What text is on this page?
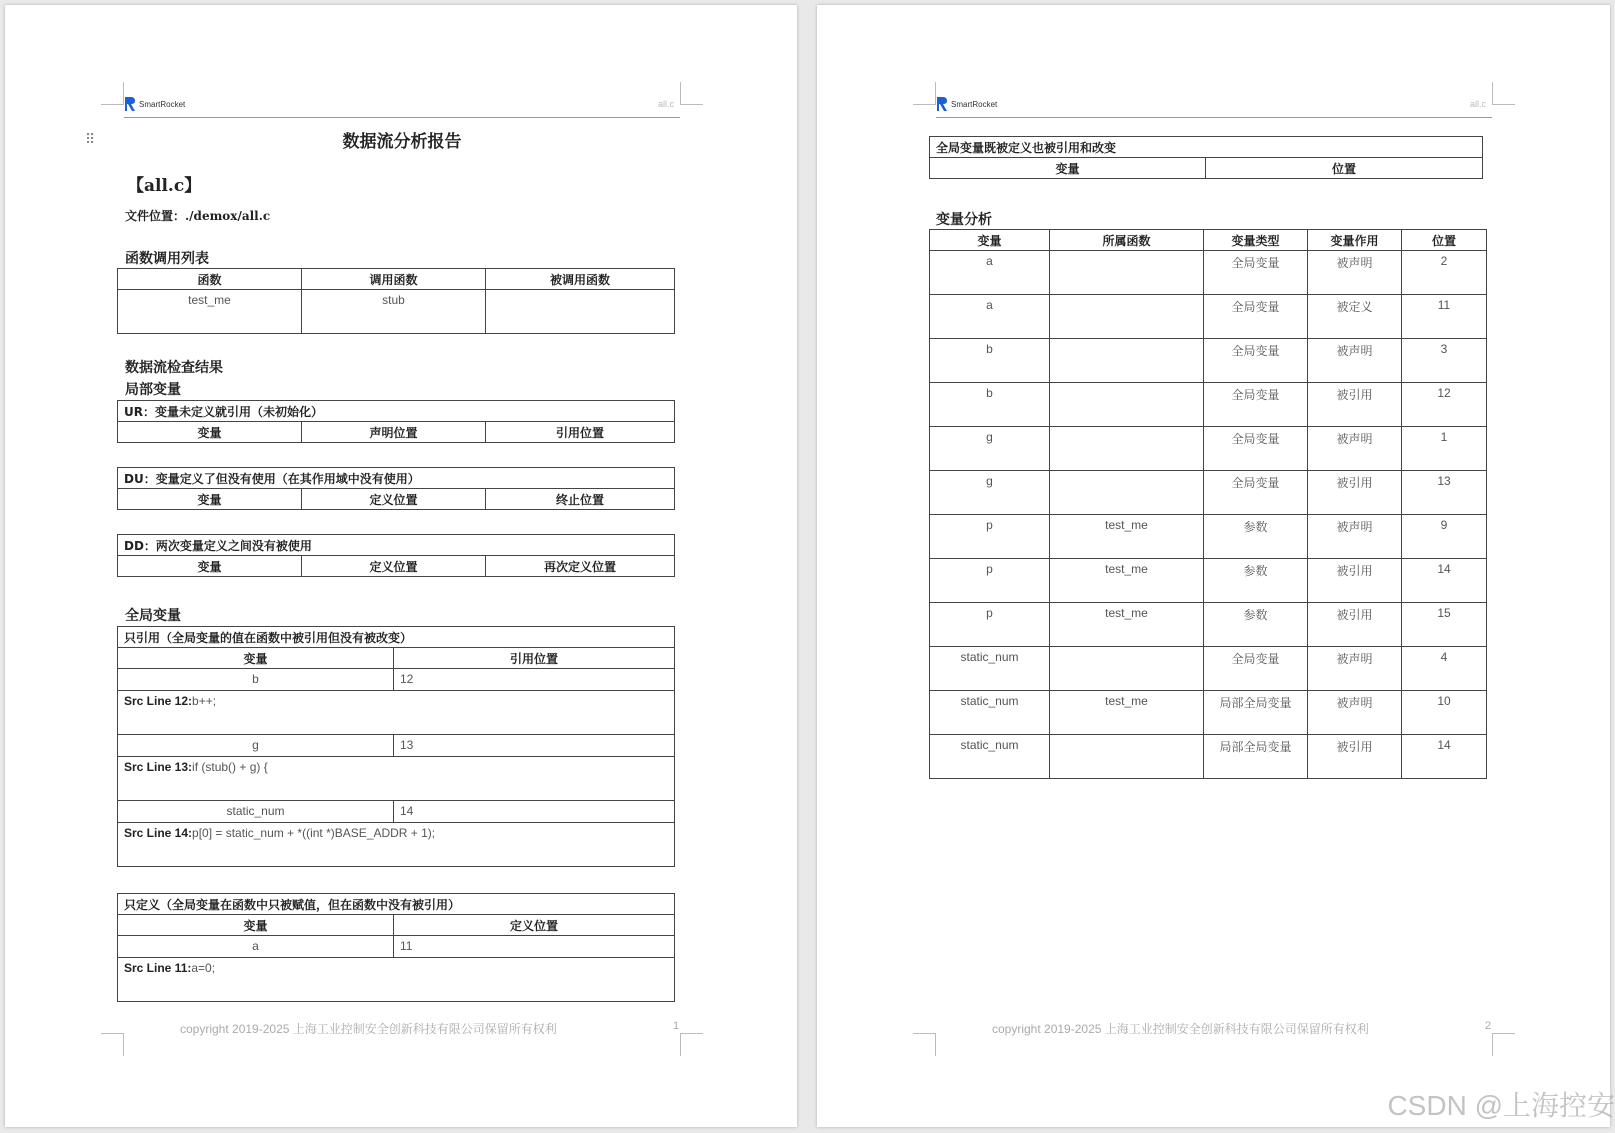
SmartRocket	all.c
⠿	数据流分析报告
【all.c】
文件位置：./demox/all.c
函数调用列表
函数	调用函数	被调用函数
test_me	stub	
数据流检查结果
局部变量
UR：变量未定义就引用（未初始化）
变量	声明位置	引用位置
DU：变量定义了但没有使用（在其作用域中没有使用）
变量	定义位置	终止位置
DD：两次变量定义之间没有被使用
变量	定义位置	再次定义位置
全局变量
只引用（全局变量的值在函数中被引用但没有被改变）	
变量	引用位置
b	12
Src Line 12:b++;	
g	13
Src Line 13:if (stub() + g) {	
static_num	14
Src Line 14:p[0] = static_num + *((int *)BASE_ADDR + 1);	
只定义（全局变量在函数中只被赋值，但在函数中没有被引用）	
变量	定义位置
a	11
Src Line 11:a=0;	
copyright 2019-2025 上海工业控制安全创新科技有限公司保留所有权利	1
SmartRocket	all.c
全局变量既被定义也被引用和改变
变量	位置
变量分析
变量	所属函数	变量类型	变量作用	位置
a		全局变量	被声明	2
a		全局变量	被定义	11
b		全局变量	被声明	3
b		全局变量	被引用	12
g		全局变量	被声明	1
g		全局变量	被引用	13
p	test_me	参数	被声明	9
p	test_me	参数	被引用	14
p	test_me	参数	被引用	15
static_num		全局变量	被声明	4
static_num	test_me	局部全局变量	被声明	10
static_num		局部全局变量	被引用	14
copyright 2019-2025 上海工业控制安全创新科技有限公司保留所有权利	2
CSDN @上海控安
